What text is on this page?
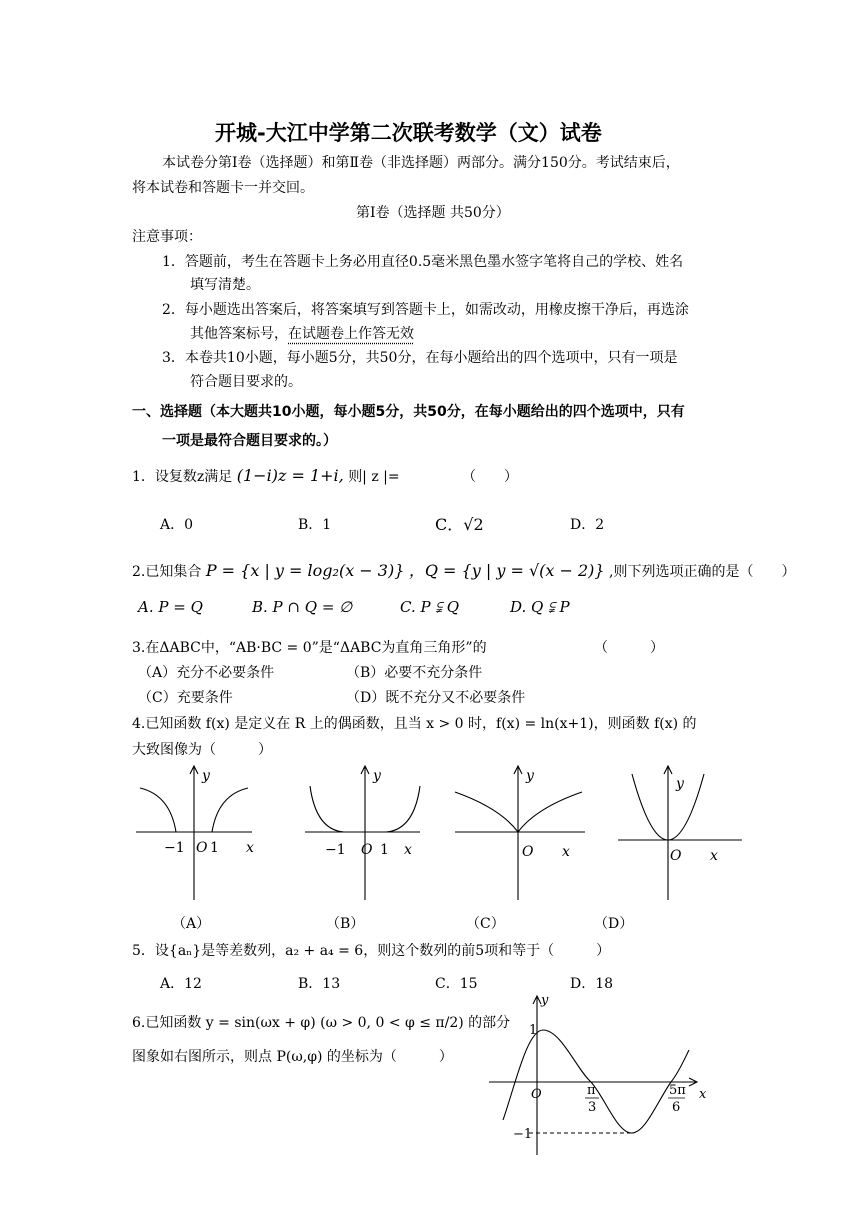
开城-大江中学第二次联考数学（文）试卷
本试卷分第Ⅰ卷（选择题）和第Ⅱ卷（非选择题）两部分。满分150分。考试结束后，
将本试卷和答题卡一并交回。
第Ⅰ卷（选择题 共50分）
注意事项：
1．答题前，考生在答题卡上务必用直径0.5毫米黑色墨水签字笔将自己的学校、姓名
填写清楚。
2．每小题选出答案后，将答案填写到答题卡上，如需改动，用橡皮擦干净后，再选涂
其他答案标号， 在试题卷上作答无效
3．本卷共10小题，每小题5分，共50分，在每小题给出的四个选项中，只有一项是
符合题目要求的。
一、选择题（本大题共10小题，每小题5分，共50分，在每小题给出的四个选项中，只有
一项是最符合题目要求的。）
1．设复数z满足 (1−i)z = 1+i, 则| z |=	（　　）
A．0	B．1	C．√2	D．2
2.已知集合 P = {x | y = log₂(x − 3)} ，Q = {y | y = √(x − 2)} ,则下列选项正确的是（　　）
A. P = Q	B. P ∩ Q = ∅	C. P ⫋ Q	D. Q ⫋ P
3.在ΔABC中，“AB·BC = 0”是“ΔABC为直角三角形”的	（　　　）
（A）充分不必要条件	（B）必要不充分条件
（C）充要条件	（D）既不充分又不必要条件
4.已知函数 f(x) 是定义在 R 上的偶函数，且当 x > 0 时，f(x) = ln(x+1)，则函数 f(x) 的
大致图像为（　　　）
y
−1 O 1 x
y
−1 O 1 x
y
O x
y
O x
（A）	（B）	（C）	（D）
5．设{aₙ}是等差数列，a₂ + a₄ = 6，则这个数列的前5项和等于（　　　）
A．12	B．13	C．15	D．18
6.已知函数 y = sin(ωx + φ) (ω > 0, 0 < φ ≤ π/2) 的部分
图象如右图所示，则点 P(ω,φ) 的坐标为（　　　）
y
1
O	x
−1
π
3
5π
6
